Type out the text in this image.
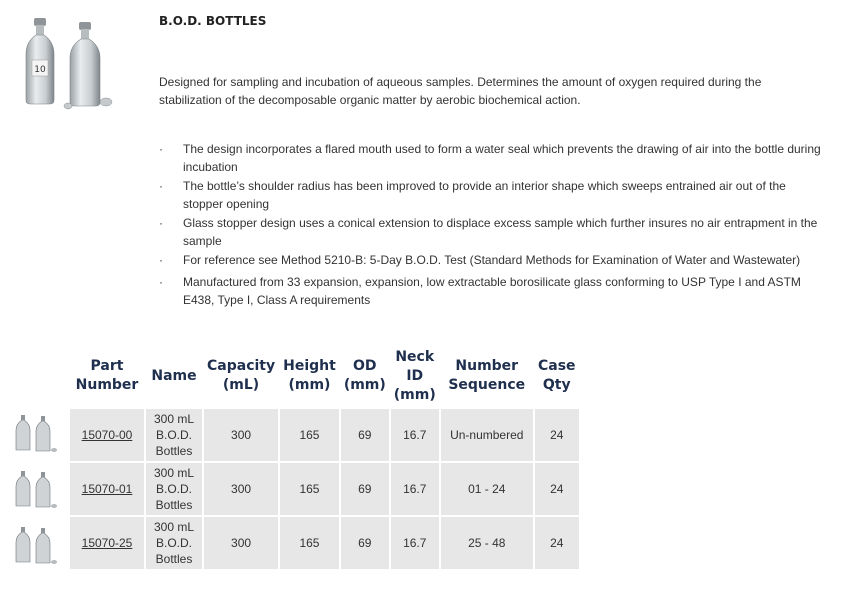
10
B.O.D. BOTTLES

Designed for sampling and incubation of aqueous samples. Determines the amount of oxygen required during the stabilization of the decomposable organic matter by aerobic biochemical action.

· The design incorporates a flared mouth used to form a water seal which prevents the drawing of air into the bottle during incubation
· The bottle’s shoulder radius has been improved to provide an interior shape which sweeps entrained air out of the stopper opening
· Glass stopper design uses a conical extension to displace excess sample which further insures no air entrapment in the sample
· For reference see Method 5210-B: 5-Day B.O.D. Test (Standard Methods for Examination of Water and Wastewater)
· Manufactured from 33 expansion, expansion, low extractable borosilicate glass conforming to USP Type I and ASTM E438, Type I, Class A requirements
Part Number	Name	Capacity (mL)	Height (mm)	OD (mm)	Neck ID (mm)	Number Sequence	Case Qty
15070-00	300 mL B.O.D. Bottles	300	165	69	16.7	Un-numbered	24
15070-01	300 mL B.O.D. Bottles	300	165	69	16.7	01 - 24	24
15070-25	300 mL B.O.D. Bottles	300	165	69	16.7	25 - 48	24
